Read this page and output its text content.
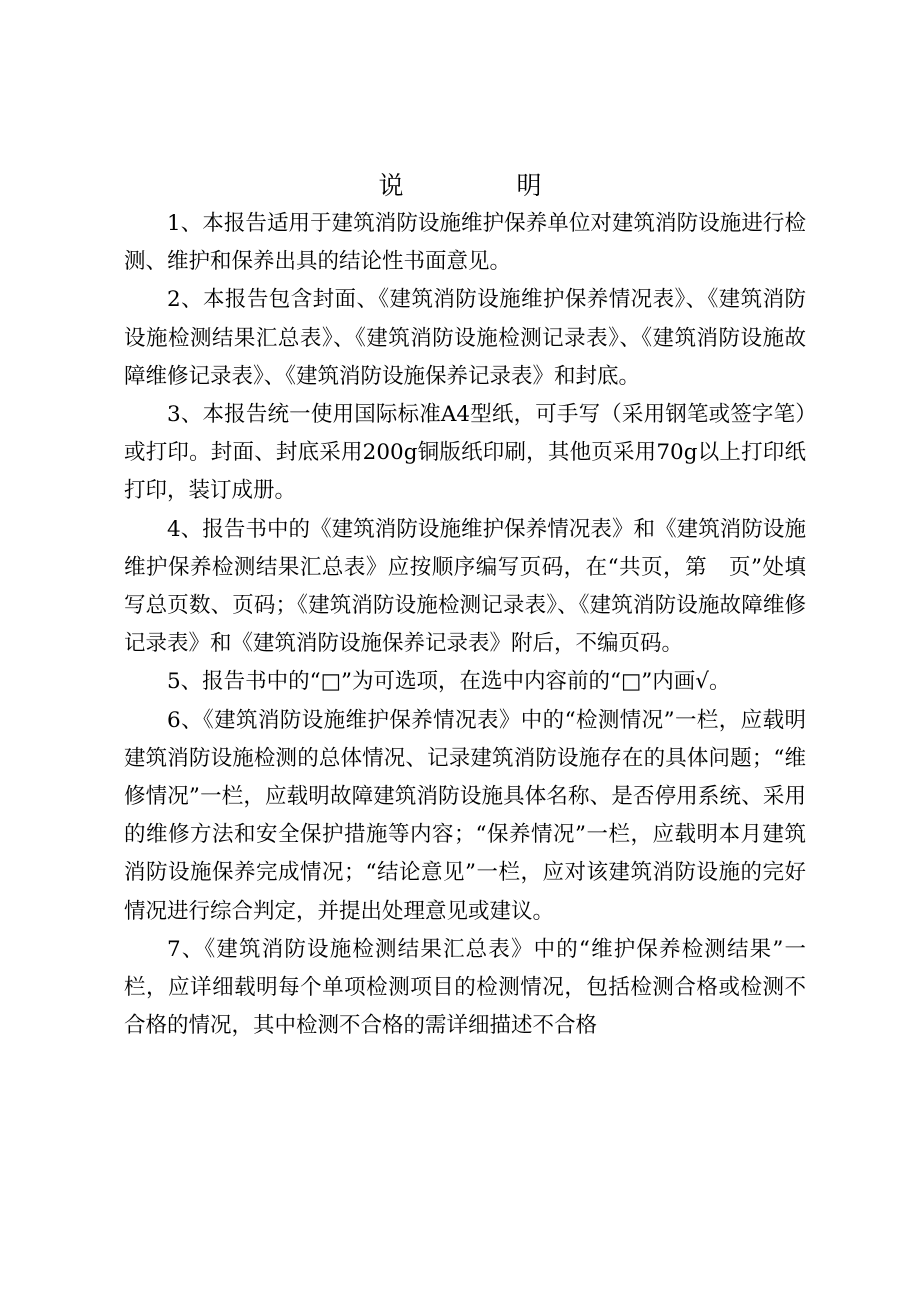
说　明

1、本报告适用于建筑消防设施维护保养单位对建筑消防设施进行检测、维护和保养出具的结论性书面意见。

2、本报告包含封面、《建筑消防设施维护保养情况表》、《建筑消防设施检测结果汇总表》、《建筑消防设施检测记录表》、《建筑消防设施故障维修记录表》、《建筑消防设施保养记录表》和封底。

3、本报告统一使用国际标准A4型纸，可手写（采用钢笔或签字笔）或打印。封面、封底采用200g铜版纸印刷，其他页采用70g以上打印纸打印，装订成册。

4、报告书中的《建筑消防设施维护保养情况表》和《建筑消防设施维护保养检测结果汇总表》应按顺序编写页码，在“共页，第　页”处填写总页数、页码；《建筑消防设施检测记录表》、《建筑消防设施故障维修记录表》和《建筑消防设施保养记录表》附后，不编页码。

5、报告书中的“□”为可选项，在选中内容前的“□”内画√。

6、《建筑消防设施维护保养情况表》中的“检测情况”一栏，应载明建筑消防设施检测的总体情况、记录建筑消防设施存在的具体问题；“维修情况”一栏，应载明故障建筑消防设施具体名称、是否停用系统、采用的维修方法和安全保护措施等内容；“保养情况”一栏，应载明本月建筑消防设施保养完成情况；“结论意见”一栏，应对该建筑消防设施的完好情况进行综合判定，并提出处理意见或建议。

7、《建筑消防设施检测结果汇总表》中的“维护保养检测结果”一栏，应详细载明每个单项检测项目的检测情况，包括检测合格或检测不合格的情况，其中检测不合格的需详细描述不合格
